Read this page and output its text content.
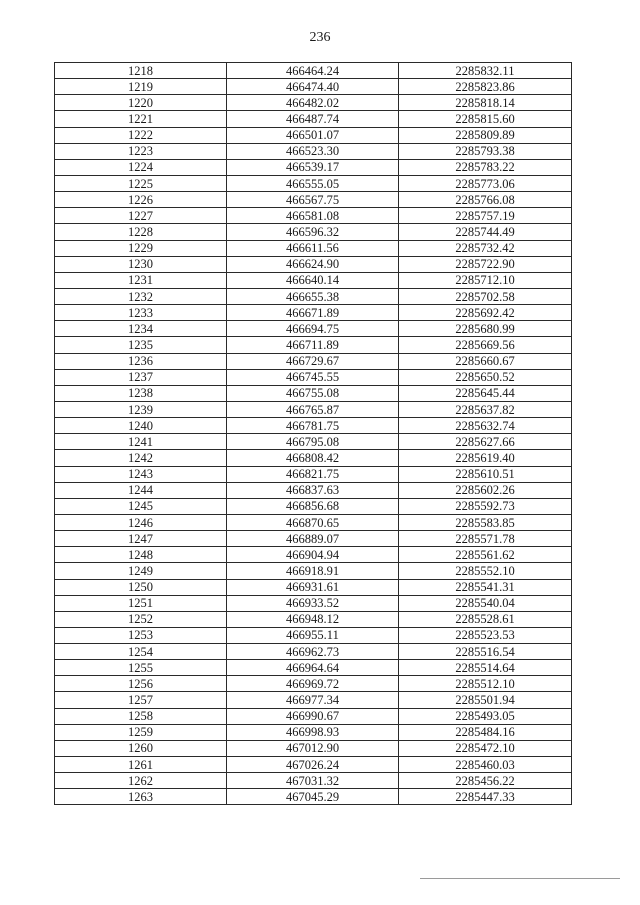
236
1218	466464.24	2285832.11
1219	466474.40	2285823.86
1220	466482.02	2285818.14
1221	466487.74	2285815.60
1222	466501.07	2285809.89
1223	466523.30	2285793.38
1224	466539.17	2285783.22
1225	466555.05	2285773.06
1226	466567.75	2285766.08
1227	466581.08	2285757.19
1228	466596.32	2285744.49
1229	466611.56	2285732.42
1230	466624.90	2285722.90
1231	466640.14	2285712.10
1232	466655.38	2285702.58
1233	466671.89	2285692.42
1234	466694.75	2285680.99
1235	466711.89	2285669.56
1236	466729.67	2285660.67
1237	466745.55	2285650.52
1238	466755.08	2285645.44
1239	466765.87	2285637.82
1240	466781.75	2285632.74
1241	466795.08	2285627.66
1242	466808.42	2285619.40
1243	466821.75	2285610.51
1244	466837.63	2285602.26
1245	466856.68	2285592.73
1246	466870.65	2285583.85
1247	466889.07	2285571.78
1248	466904.94	2285561.62
1249	466918.91	2285552.10
1250	466931.61	2285541.31
1251	466933.52	2285540.04
1252	466948.12	2285528.61
1253	466955.11	2285523.53
1254	466962.73	2285516.54
1255	466964.64	2285514.64
1256	466969.72	2285512.10
1257	466977.34	2285501.94
1258	466990.67	2285493.05
1259	466998.93	2285484.16
1260	467012.90	2285472.10
1261	467026.24	2285460.03
1262	467031.32	2285456.22
1263	467045.29	2285447.33
